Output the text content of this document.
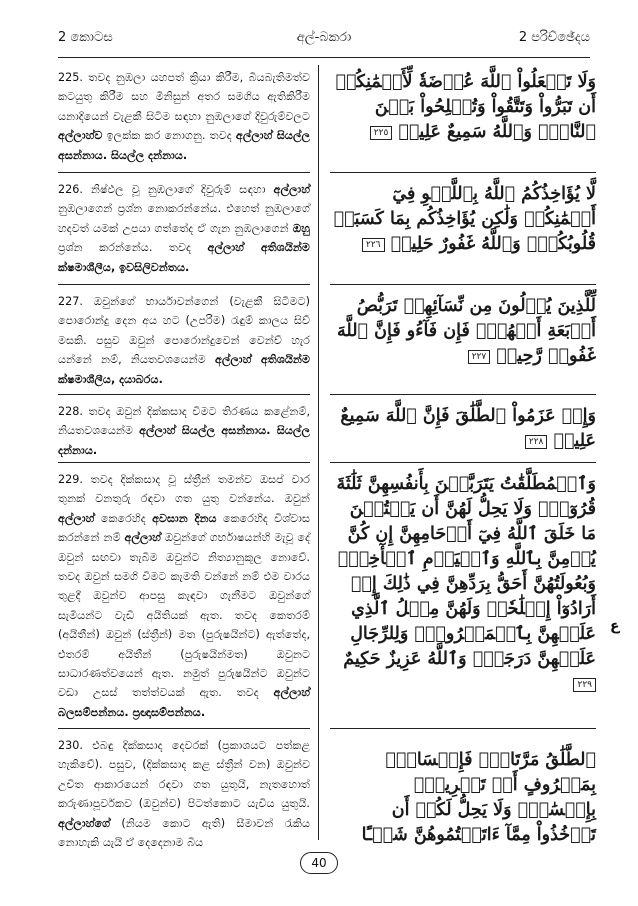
2 කොටස	අල්-බකරා	2 පරිච්ඡේදය
225. තවද නුඹලා යහපත් ක්‍රියා කිරීම, බියබැතිමත්ව කටයුතු කිරීම සහ මිනිසුන් අතර සමගිය ඇතිකිරීම යනාදියෙන් වැළකී සිටීම සඳහා නුඹලාගේ දිවුරුම්වලට අල්ලාහ්ව ඉලක්ක කර නොගනු. තවද අල්ලාහ් සියල්ල අසන්නාය. සියල්ල දන්නාය.
وَلَا تَجۡعَلُواْ ٱللَّهَ عُرۡضَةٗ لِّأَيۡمَٰنِكُمۡ أَن تَبَرُّواْ وَتَتَّقُواْ وَتُصۡلِحُواْ بَيۡنَ ٱلنَّاسِۚ وَٱللَّهُ سَمِيعٌ عَلِيمٞ ٢٢٥
226. නිෂ්ඵල වූ නුඹලාගේ දිවුරුම් සඳහා අල්ලාහ් නුඹලාගෙන් ප්‍රශ්න නොකරන්නේය. එහෙත් නුඹලාගේ හදවත් යමක් උපයා ගත්තේද ඒ ගැන නුඹලාගෙන් ඔහු ප්‍රශ්න කරන්නේය. තවද අල්ලාහ් අතිශයින්ම ක්ෂමාශීලීය, ඉවසිලිවන්තය.
لَّا يُؤَاخِذُكُمُ ٱللَّهُ بِٱللَّغۡوِ فِيٓ أَيۡمَٰنِكُمۡ وَلَٰكِن يُؤَاخِذُكُم بِمَا كَسَبَتۡ قُلُوبُكُمۡۗ وَٱللَّهُ غَفُورٌ حَلِيمٞ ٢٢٦
227. ඔවුන්ගේ භාර්යාවන්ගෙන් (වැළකී සිටීමට) පොරොන්දු දෙන අය හට (උපරිම) රැඳුම් කාලය සිව් මසකි. පසුව ඔවුන් පොරොන්දුවෙන් වෙන්ව් හැර යන්නේ නම්, නියතවශයෙන්ම අල්ලාහ් අතිශයින්ම ක්ෂමාශීලීය, දයාබරය.
لِّلَّذِينَ يُؤۡلُونَ مِن نِّسَآئِهِمۡ تَرَبُّصُ أَرۡبَعَةِ أَشۡهُرٖۖ فَإِن فَآءُو فَإِنَّ ٱللَّهَ غَفُورٞ رَّحِيمٞ ٢٢٧
228. තවද ඔවුන් දික්කසාද වීමට තිරණය කළේනම්, නියතවශයෙන්ම අල්ලාහ් සියල්ල අසන්නාය. සියල්ල දන්නාය.
وَإِنۡ عَزَمُواْ ٱلطَّلَٰقَ فَإِنَّ ٱللَّهَ سَمِيعٌ عَلِيمٞ ٢٢٨
229. තවද දික්කසාද වූ ස්ත්‍රීන් තමන්ව ඔසප් වාර තුනක් වනතුරු රඳවා ගත යුතු වන්නේය. ඔවුන් අල්ලාහ් කෙරෙහිද අවසාන දිනය කෙරෙහිද විශ්වාස කරන්නේ නම් අල්ලාහ් ඔවුන්ගේ ගර්භාෂයන්හි මැවූ දේ ඔවුන් සඟවා තැබීම ඔවුන්ට නිත්‍යානුකූල නොවේ. තවද ඔවුන් සමගි වීමට කැමති වන්නේ නම් එම වාරය තුළදී ඔවුන්ව ආපසු කැඳවා ගැනීමට ඔවුන්ගේ සැමියන්ට වැඩි අයිතියක් ඇත. තවද කෙතරම් (අයිතීන්) ඔවුන් (ස්ත්‍රීන්) මත (පුරුෂයින්ට) ඇත්තේද, එතරම් අයිතීන් (පුරුෂයින්මත) ඔවුනට සාධාරණත්වයෙන් ඇත. නමුත් පුරුෂයින්ට ඔවුන්ට වඩා උසස් තත්ත්වයක් ඇත. තවද අල්ලාහ් බලසම්පන්නය. ප්‍රඥාසම්පන්නය.
وَٱلۡمُطَلَّقَٰتُ يَتَرَبَّصۡنَ بِأَنفُسِهِنَّ ثَلَٰثَةَ قُرُوٓءٖۚ وَلَا يَحِلُّ لَهُنَّ أَن يَكۡتُمۡنَ مَا خَلَقَ ٱللَّهُ فِيٓ أَرۡحَامِهِنَّ إِن كُنَّ يُؤۡمِنَّ بِٱللَّهِ وَٱلۡيَوۡمِ ٱلۡأٓخِرِۚ وَبُعُولَتُهُنَّ أَحَقُّ بِرَدِّهِنَّ فِي ذَٰلِكَ إِنۡ أَرَادُوٓاْ إِصۡلَٰحٗاۚ وَلَهُنَّ مِثۡلُ ٱلَّذِي عَلَيۡهِنَّ بِٱلۡمَعۡرُوفِۚ وَلِلرِّجَالِ عَلَيۡهِنَّ دَرَجَةٞۗ وَٱللَّهُ عَزِيزٌ حَكِيمٌ ٢٢٩
ع
230. එබඳු දික්කසාද දෙවරක් (ප්‍රකාශයට පත්කළ හැකිවේ). පසුව, (දික්කසාද කළ ස්ත්‍රීන් වන) ඔවුන්ව උචිත ආකාරයෙන් රඳවා ගත යුතුයි, නැතහොත් කරුණාපූර්වකව (ඔවුන්ව) පිටත්කොට යැවිය යුතුයි. අල්ලාහ්ගේ (නියම කොට ඇති) සීමාවන් රැකිය නොහැකි යැයි ඒ දෙදෙනාම බිය
ٱلطَّلَٰقُ مَرَّتَانِۖ فَإِمۡسَاكُۢ بِمَعۡرُوفٍ أَوۡ تَسۡرِيحُۢ بِإِحۡسَٰنٖۗ وَلَا يَحِلُّ لَكُمۡ أَن تَأۡخُذُواْ مِمَّآ ءَاتَيۡتُمُوهُنَّ شَيۡـًٔا
40
